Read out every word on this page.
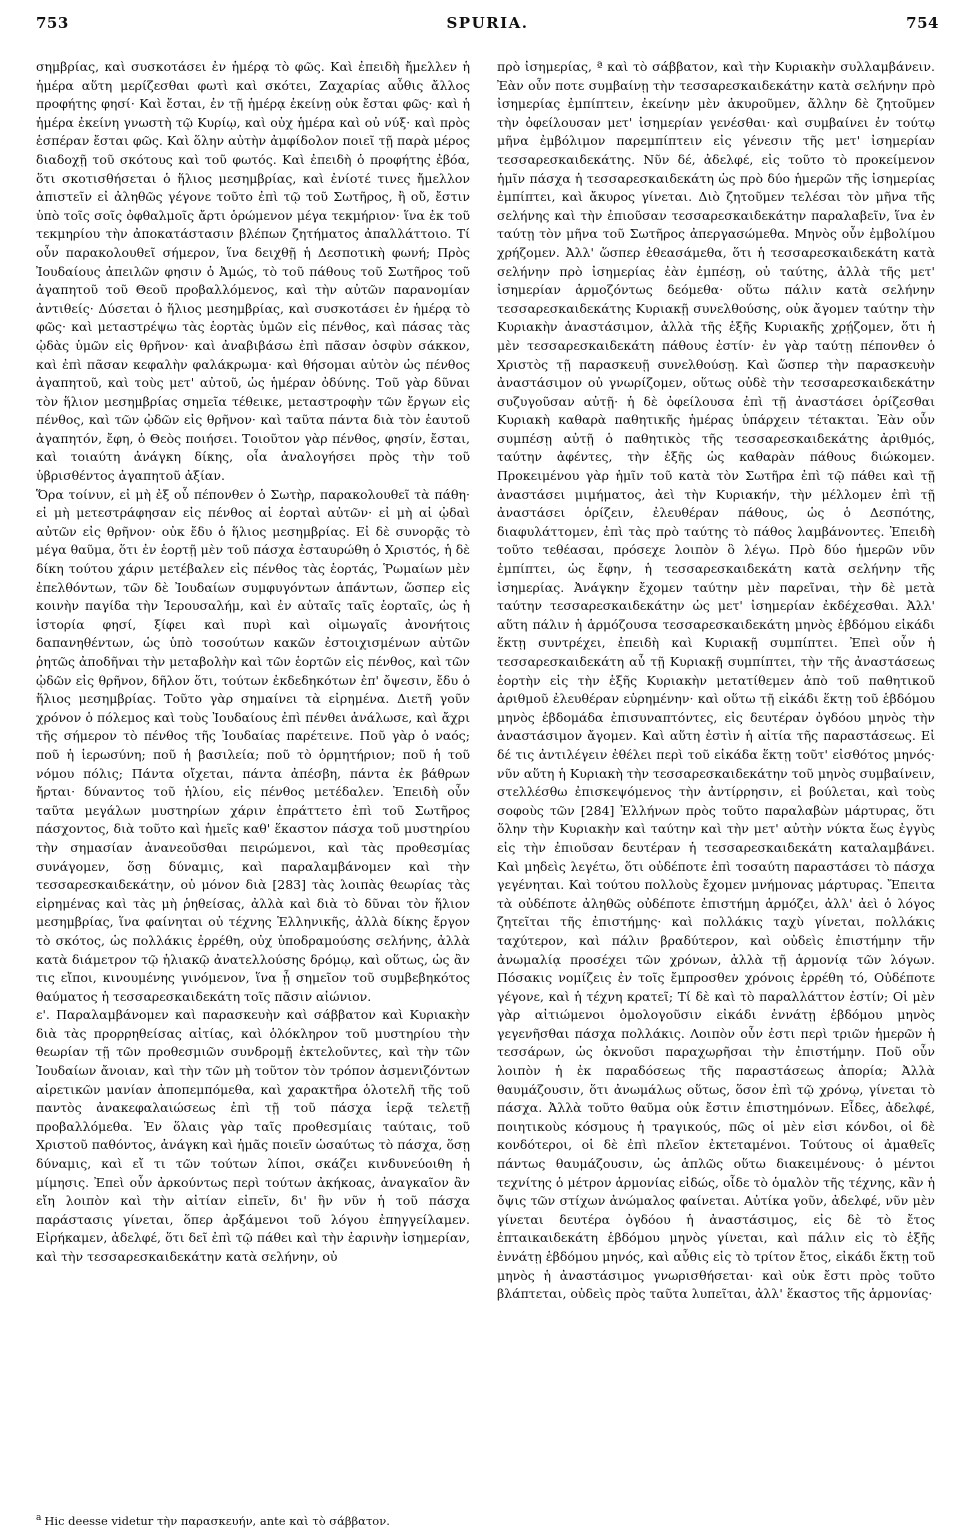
753	SPURIA.	754

σημβρίας, καὶ συσκοτάσει ἐν ἡμέρᾳ τὸ φῶς. Καὶ ἐπειδὴ ἤμελλεν ἡ ἡμέρα αὕτη μερίζεσθαι φωτὶ καὶ σκότει, Ζαχαρίας αὖθις ἄλλος προφήτης φησί· Καὶ ἔσται, ἐν τῇ ἡμέρᾳ ἐκείνῃ οὐκ ἔσται φῶς· καὶ ἡ ἡμέρα ἐκείνη γνωστὴ τῷ Κυρίῳ, καὶ οὐχ ἡμέρα καὶ οὐ νύξ· καὶ πρὸς ἑσπέραν ἔσται φῶς. Καὶ ὅλην αὐτὴν ἀμφίδολον ποιεῖ τῇ παρὰ μέρος διαδοχῇ τοῦ σκότους καὶ τοῦ φωτός. Καὶ ἐπειδὴ ὁ προφήτης ἐβόα, ὅτι σκοτισθήσεται ὁ ἥλιος μεσημβρίας, καὶ ἐνίοτέ τινες ἤμελλον ἀπιστεῖν εἰ ἀληθῶς γέγονε τοῦτο ἐπὶ τῷ τοῦ Σωτῆρος, ἢ οὔ, ἔστιν ὑπὸ τοῖς σοῖς ὀφθαλμοῖς ἄρτι ὁρώμενον μέγα τεκμήριον· ἵνα ἐκ τοῦ τεκμηρίου τὴν ἀποκατάστασιν βλέπων ζητήματος ἀπαλλάττοιο. Τί οὖν παρακολουθεῖ σήμερον, ἵνα δειχθῇ ἡ Δεσποτικὴ φωνή; Πρὸς Ἰουδαίους ἀπειλῶν φησιν ὁ Ἀμώς, τὸ τοῦ πάθους τοῦ Σωτῆρος τοῦ ἀγαπητοῦ τοῦ Θεοῦ προβαλλόμενος, καὶ τὴν αὐτῶν παρανομίαν ἀντιθείς· Δύσεται ὁ ἥλιος μεσημβρίας, καὶ συσκοτάσει ἐν ἡμέρᾳ τὸ φῶς· καὶ μεταστρέψω τὰς ἑορτὰς ὑμῶν εἰς πένθος, καὶ πάσας τὰς ᾠδὰς ὑμῶν εἰς θρῆνον· καὶ ἀναβιβάσω ἐπὶ πᾶσαν ὀσφὺν σάκκον, καὶ ἐπὶ πᾶσαν κεφαλὴν φαλάκρωμα· καὶ θήσομαι αὐτὸν ὡς πένθος ἀγαπητοῦ, καὶ τοὺς μετ' αὐτοῦ, ὡς ἡμέραν ὀδύνης. Τοῦ γὰρ δῦναι τὸν ἥλιον μεσημβρίας σημεῖα τέθεικε, μεταστροφὴν τῶν ἔργων εἰς πένθος, καὶ τῶν ᾠδῶν εἰς θρῆνον· καὶ ταῦτα πάντα διὰ τὸν ἑαυτοῦ ἀγαπητόν, ἔφη, ὁ Θεὸς ποιήσει. Τοιοῦτον γὰρ πένθος, φησίν, ἔσται, καὶ τοιαύτη ἀνάγκη δίκης, οἷα ἀναλογήσει πρὸς τὴν τοῦ ὑβρισθέντος ἀγαπητοῦ ἀξίαν.

Ὅρα τοίνυν, εἰ μὴ ἐξ οὗ πέπονθεν ὁ Σωτὴρ, παρακολουθεῖ τὰ πάθη· εἰ μὴ μετεστράφησαν εἰς πένθος αἱ ἑορταὶ αὐτῶν· εἰ μὴ αἱ ᾠδαὶ αὐτῶν εἰς θρῆνον· οὐκ ἔδυ ὁ ἥλιος μεσημβρίας. Εἰ δὲ συνορᾷς τὸ μέγα θαῦμα, ὅτι ἐν ἑορτῇ μὲν τοῦ πάσχα ἐσταυρώθη ὁ Χριστός, ἡ δὲ δίκη τούτου χάριν μετέβαλεν εἰς πένθος τὰς ἑορτάς, Ῥωμαίων μὲν ἐπελθόντων, τῶν δὲ Ἰουδαίων συμφυγόντων ἁπάντων, ὥσπερ εἰς κοινὴν παγίδα τὴν Ἱερουσαλήμ, καὶ ἐν αὐταῖς ταῖς ἑορταῖς, ὡς ἡ ἱστορία φησί, ξίφει καὶ πυρὶ καὶ οἰμωγαῖς ἀνονήτοις δαπανηθέντων, ὡς ὑπὸ τοσούτων κακῶν ἐστοιχισμένων αὐτῶν ῥητῶς ἀποδῆναι τὴν μεταβολὴν καὶ τῶν ἑορτῶν εἰς πένθος, καὶ τῶν ᾠδῶν εἰς θρῆνον, δῆλον ὅτι, τούτων ἐκδεδηκότων ἐπ' ὄψεσιν, ἔδυ ὁ ἥλιος μεσημβρίας. Τοῦτο γὰρ σημαίνει τὰ εἰρημένα. Διετῆ γοῦν χρόνον ὁ πόλεμος καὶ τοὺς Ἰουδαίους ἐπὶ πένθει ἀνάλωσε, καὶ ἄχρι τῆς σήμερον τὸ πένθος τῆς Ἰουδαίας παρέτεινε. Ποῦ γὰρ ὁ ναός; ποῦ ἡ ἱερωσύνη; ποῦ ἡ βασιλεία; ποῦ τὸ ὁρμητήριον; ποῦ ἡ τοῦ νόμου πόλις; Πάντα οἴχεται, πάντα ἀπέσβη, πάντα ἐκ βάθρων ἤρται· δύναντος τοῦ ἡλίου, εἰς πένθος μετέδαλεν. Ἐπειδὴ οὖν ταῦτα μεγάλων μυστηρίων χάριν ἐπράττετο ἐπὶ τοῦ Σωτῆρος πάσχοντος, διὰ τοῦτο καὶ ἡμεῖς καθ' ἕκαστον πάσχα τοῦ μυστηρίου τὴν σημασίαν ἀνανεοῦσθαι πειρώμενοι, καὶ τὰς προθεσμίας συνάγομεν, ὅσῃ δύναμις, καὶ παραλαμβάνομεν καὶ τὴν τεσσαρεσκαιδεκάτην, οὐ μόνον διὰ [283] τὰς λοιπὰς θεωρίας τὰς εἰρημένας καὶ τὰς μὴ ῥηθείσας, ἀλλὰ καὶ διὰ τὸ δῦναι τὸν ἥλιον μεσημβρίας, ἵνα φαίνηται οὐ τέχνης Ἑλληνικῆς, ἀλλὰ δίκης ἔργον τὸ σκότος, ὡς πολλάκις ἐρρέθη, οὐχ ὑποδραμούσης σελήνης, ἀλλὰ κατὰ διάμετρον τῷ ἡλιακῷ ἀνατελλούσης δρόμῳ, καὶ οὕτως, ὡς ἂν τις εἴποι, κινουμένης γινόμενον, ἵνα ᾖ σημεῖον τοῦ συμβεβηκότος θαύματος ἡ τεσσαρεσκαιδεκάτη τοῖς πᾶσιν αἰώνιον.

ε'. Παραλαμβάνομεν καὶ παρασκευὴν καὶ σάββατον καὶ Κυριακὴν διὰ τὰς προρρηθείσας αἰτίας, καὶ ὁλόκληρον τοῦ μυστηρίου τὴν θεωρίαν τῇ τῶν προθεσμιῶν συνδρομῇ ἐκτελοῦντες, καὶ τὴν τῶν Ἰουδαίων ἄνοιαν, καὶ τὴν τῶν μὴ τοῦτον τὸν τρόπον ἀσμενιζόντων αἱρετικῶν μανίαν ἀποπεμπόμεθα, καὶ χαρακτῆρα ὁλοτελῆ τῆς τοῦ παντὸς ἀνακεφαλαιώσεως ἐπὶ τῇ τοῦ πάσχα ἱερᾷ τελετῇ προβαλλόμεθα. Ἐν ὅλαις γὰρ ταῖς προθεσμίαις ταύταις, τοῦ Χριστοῦ παθόντος, ἀνάγκη καὶ ἡμᾶς ποιεῖν ὡσαύτως τὸ πάσχα, ὅσῃ δύναμις, καὶ εἴ τι τῶν τούτων λίποι, σκάζει κινδυνεύοιθη ἡ μίμησις. Ἐπεὶ οὖν ἀρκούντως περὶ τούτων ἀκήκοας, ἀναγκαῖον ἂν εἴη λοιπὸν καὶ τὴν αἰτίαν εἰπεῖν, δι' ἣν νῦν ἡ τοῦ πάσχα παράστασις γίνεται, ὅπερ ἀρξάμενοι τοῦ λόγου ἐπηγγείλαμεν. Εἰρήκαμεν, ἀδελφέ, ὅτι δεῖ ἐπὶ τῷ πάθει καὶ τὴν ἐαρινὴν ἰσημερίαν, καὶ τὴν τεσσαρεσκαιδεκάτην κατὰ σελήνην, οὐ

πρὸ ἰσημερίας, ª καὶ τὸ σάββατον, καὶ τὴν Κυριακὴν συλλαμβάνειν. Ἐὰν οὖν ποτε συμβαίνῃ τὴν τεσσαρεσκαιδεκάτην κατὰ σελήνην πρὸ ἰσημερίας ἐμπίπτειν, ἐκείνην μὲν ἀκυροῦμεν, ἄλλην δὲ ζητοῦμεν τὴν ὀφείλουσαν μετ' ἰσημερίαν γενέσθαι· καὶ συμβαίνει ἐν τούτῳ μῆνα ἐμβόλιμον παρεμπίπτειν εἰς γένεσιν τῆς μετ' ἰσημερίαν τεσσαρεσκαιδεκάτης. Νῦν δέ, ἀδελφέ, εἰς τοῦτο τὸ προκείμενον ἡμῖν πάσχα ἡ τεσσαρεσκαιδεκάτη ὡς πρὸ δύο ἡμερῶν τῆς ἰσημερίας ἐμπίπτει, καὶ ἄκυρος γίνεται. Διὸ ζητοῦμεν τελέσαι τὸν μῆνα τῆς σελήνης καὶ τὴν ἐπιοῦσαν τεσσαρεσκαιδεκάτην παραλαβεῖν, ἵνα ἐν ταύτῃ τὸν μῆνα τοῦ Σωτῆρος ἀπεργασώμεθα. Μηνὸς οὖν ἐμβολίμου χρήζομεν. Ἀλλ' ὥσπερ ἐθεασάμεθα, ὅτι ἡ τεσσαρεσκαιδεκάτη κατὰ σελήνην πρὸ ἰσημερίας ἐὰν ἐμπέσῃ, οὐ ταύτης, ἀλλὰ τῆς μετ' ἰσημερίαν ἁρμοζόντως δεόμεθα· οὕτω πάλιν κατὰ σελήνην τεσσαρεσκαιδεκάτης Κυριακῇ συνελθούσης, οὐκ ἄγομεν ταύτην τὴν Κυριακὴν ἀναστάσιμον, ἀλλὰ τῆς ἑξῆς Κυριακῆς χρῄζομεν, ὅτι ἡ μὲν τεσσαρεσκαιδεκάτη πάθους ἐστίν· ἐν γὰρ ταύτῃ πέπονθεν ὁ Χριστὸς τῇ παρασκευῇ συνελθούσῃ. Καὶ ὥσπερ τὴν παρασκευὴν ἀναστάσιμον οὐ γνωρίζομεν, οὕτως οὐδὲ τὴν τεσσαρεσκαιδεκάτην συζυγοῦσαν αὐτῇ· ἡ δὲ ὀφείλουσα ἐπὶ τῇ ἀναστάσει ὁρίζεσθαι Κυριακὴ καθαρὰ παθητικῆς ἡμέρας ὑπάρχειν τέτακται. Ἐὰν οὖν συμπέσῃ αὐτῇ ὁ παθητικὸς τῆς τεσσαρεσκαιδεκάτης ἀριθμός, ταύτην ἀφέντες, τὴν ἑξῆς ὡς καθαρὰν πάθους διώκομεν. Προκειμένου γὰρ ἡμῖν τοῦ κατὰ τὸν Σωτῆρα ἐπὶ τῷ πάθει καὶ τῇ ἀναστάσει μιμήματος, ἀεὶ τὴν Κυριακήν, τὴν μέλλομεν ἐπὶ τῇ ἀναστάσει ὁρίζειν, ἐλευθέραν πάθους, ὡς ὁ Δεσπότης, διαφυλάττομεν, ἐπὶ τὰς πρὸ ταύτης τὸ πάθος λαμβάνοντες. Ἐπειδὴ τοῦτο τεθέασαι, πρόσεχε λοιπὸν ὃ λέγω. Πρὸ δύο ἡμερῶν νῦν ἐμπίπτει, ὡς ἔφην, ἡ τεσσαρεσκαιδεκάτη κατὰ σελήνην τῆς ἰσημερίας. Ἀνάγκην ἔχομεν ταύτην μὲν παρεῖναι, τὴν δὲ μετὰ ταύτην τεσσαρεσκαιδεκάτην ὡς μετ' ἰσημερίαν ἐκδέχεσθαι. Ἀλλ' αὕτη πάλιν ἡ ἁρμόζουσα τεσσαρεσκαιδεκάτη μηνὸς ἑβδόμου εἰκάδι ἕκτῃ συντρέχει, ἐπειδὴ καὶ Κυριακῇ συμπίπτει. Ἐπεὶ οὖν ἡ τεσσαρεσκαιδεκάτη αὖ τῇ Κυριακῇ συμπίπτει, τὴν τῆς ἀναστάσεως ἑορτὴν εἰς τὴν ἑξῆς Κυριακὴν μετατίθεμεν ἀπὸ τοῦ παθητικοῦ ἀριθμοῦ ἐλευθέραν εὑρημένην· καὶ οὕτω τῇ εἰκάδι ἕκτῃ τοῦ ἑβδόμου μηνὸς ἑβδομάδα ἐπισυναπτόντες, εἰς δευτέραν ὀγδόου μηνὸς τὴν ἀναστάσιμον ἄγομεν. Καὶ αὕτη ἐστὶν ἡ αἰτία τῆς παραστάσεως. Εἰ δέ τις ἀντιλέγειν ἐθέλει περὶ τοῦ εἰκάδα ἕκτῃ τοῦτ' εἰσθότος μηνός· νῦν αὕτη ἡ Κυριακὴ τὴν τεσσαρεσκαιδεκάτην τοῦ μηνὸς συμβαίνειν, στελλέσθω ἐπισκεψόμενος τὴν ἀντίρρησιν, εἰ βούλεται, καὶ τοὺς σοφοὺς τῶν [284] Ἑλλήνων πρὸς τοῦτο παραλαβὼν μάρτυρας, ὅτι ὅλην τὴν Κυριακὴν καὶ ταύτην καὶ τὴν μετ' αὐτὴν νύκτα ἕως ἐγγὺς εἰς τὴν ἐπιοῦσαν δευτέραν ἡ τεσσαρεσκαιδεκάτη καταλαμβάνει. Καὶ μηδεὶς λεγέτω, ὅτι οὐδέποτε ἐπὶ τοσαύτη παραστάσει τὸ πάσχα γεγένηται. Καὶ τούτου πολλοὺς ἔχομεν μνήμονας μάρτυρας. Ἔπειτα τὰ οὐδέποτε ἀληθῶς οὐδέποτε ἐπιστήμη ἁρμόζει, ἀλλ' ἀεὶ ὁ λόγος ζητεῖται τῆς ἐπιστήμης· καὶ πολλάκις ταχὺ γίνεται, πολλάκις ταχύτερον, καὶ πάλιν βραδύτερον, καὶ οὐδεὶς ἐπιστήμην τῆν ἀνωμαλίᾳ προσέχει τῶν χρόνων, ἀλλὰ τῇ ἁρμονίᾳ τῶν λόγων. Πόσακις νομίζεις ἐν τοῖς ἔμπροσθεν χρόνοις ἐρρέθη τό, Οὐδέποτε γέγονε, καὶ ἡ τέχνη κρατεῖ; Τί δὲ καὶ τὸ παραλλάττον ἐστίν; Οἱ μὲν γὰρ αἰτιώμενοι ὁμολογοῦσιν εἰκάδι ἐννάτῃ ἑβδόμου μηνὸς γεγενῆσθαι πάσχα πολλάκις. Λοιπὸν οὖν ἐστι περὶ τριῶν ἡμερῶν ἡ τεσσάρων, ὡς ὀκνοῦσι παραχωρῆσαι τὴν ἐπιστήμην. Ποῦ οὖν λοιπὸν ἡ ἐκ παραδόσεως τῆς παραστάσεως ἀπορία; Ἀλλὰ θαυμάζουσιν, ὅτι ἀνωμάλως οὕτως, ὅσον ἐπὶ τῷ χρόνῳ, γίνεται τὸ πάσχα. Ἀλλὰ τοῦτο θαῦμα οὐκ ἔστιν ἐπιστημόνων. Εἶδες, ἀδελφέ, ποιητικοὺς κόσμους ἡ τραγικούς, πῶς οἱ μὲν εἰσι κόνδοι, οἱ δὲ κονδότεροι, οἱ δὲ ἐπὶ πλεῖον ἐκτεταμένοι. Τούτους οἱ ἀμαθεῖς πάντως θαυμάζουσιν, ὡς ἁπλῶς οὕτω διακειμένους· ὁ μέντοι τεχνίτης ὁ μέτρον ἁρμονίας εἰδώς, οἶδε τὸ ὁμαλὸν τῆς τέχνης, κἂν ἡ ὄψις τῶν στίχων ἀνώμαλος φαίνεται. Αὐτίκα γοῦν, ἀδελφέ, νῦν μὲν γίνεται δευτέρα ὀγδόου ἡ ἀναστάσιμος, εἰς δὲ τὸ ἔτος ἐπταικαιδεκάτη ἑβδόμου μηνὸς γίνεται, καὶ πάλιν εἰς τὸ ἑξῆς ἐννάτῃ ἑβδόμου μηνός, καὶ αὖθις εἰς τὸ τρίτον ἔτος, εἰκάδι ἕκτῃ τοῦ μηνὸς ἡ ἀναστάσιμος γνωρισθήσεται· καὶ οὐκ ἔστι πρὸς τοῦτο βλάπτεται, οὐδεὶς πρὸς ταῦτα λυπεῖται, ἀλλ' ἕκαστος τῆς ἁρμονίας·

$^a$ Hic deesse videtur τὴν παρασκευήν, ante καὶ τὸ σάββατον.
